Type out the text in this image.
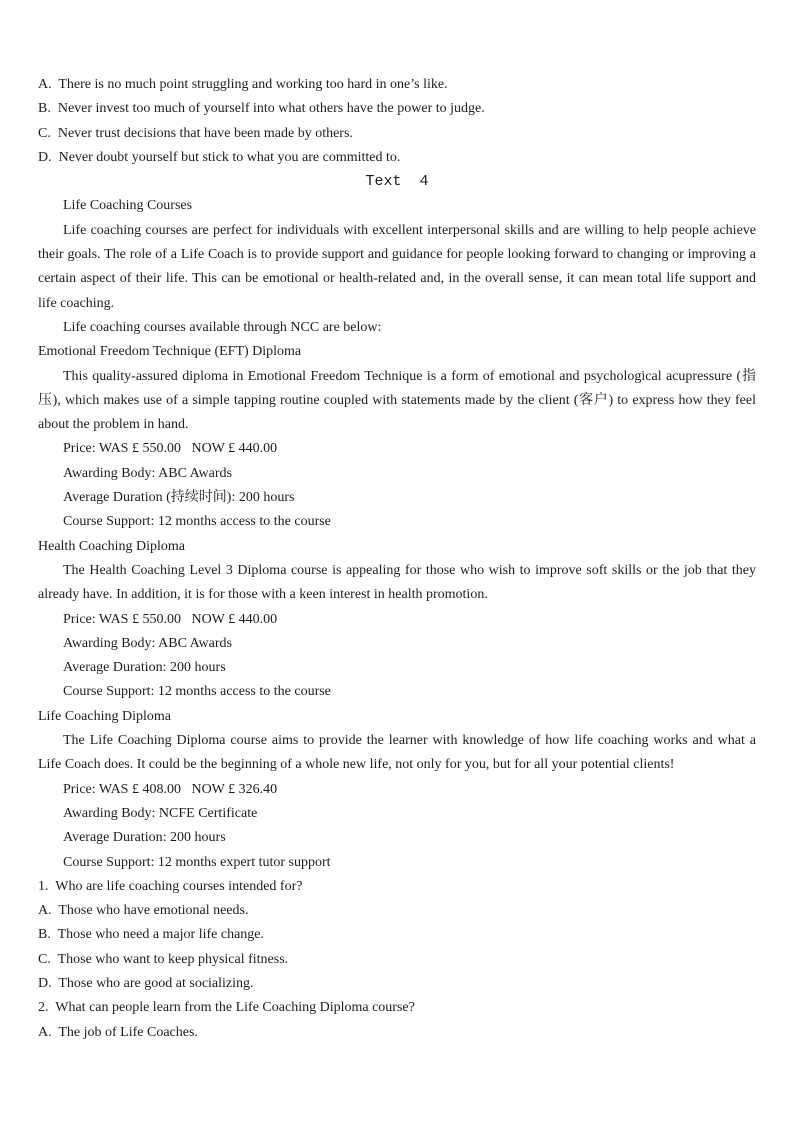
A.  There is no much point struggling and working too hard in one’s like.
B.  Never invest too much of yourself into what others have the power to judge.
C.  Never trust decisions that have been made by others.
D.  Never doubt yourself but stick to what you are committed to.
Text  4
Life Coaching Courses
Life coaching courses are perfect for individuals with excellent interpersonal skills and are willing to help people achieve
their goals. The role of a Life Coach is to provide support and guidance for people looking forward to changing or improving a
certain aspect of their life. This can be emotional or health-related and, in the overall sense, it can mean total life support and
life coaching.
Life coaching courses available through NCC are below:
Emotional Freedom Technique (EFT) Diploma
This quality-assured diploma in Emotional Freedom Technique is a form of emotional and psychological acupressure (指
压), which makes use of a simple tapping routine coupled with statements made by the client (客户) to express how they feel
about the problem in hand.
Price: WAS £ 550.00   NOW £ 440.00
Awarding Body: ABC Awards
Average Duration (持续时间): 200 hours
Course Support: 12 months access to the course
Health Coaching Diploma
The Health Coaching Level 3 Diploma course is appealing for those who wish to improve soft skills or the job that they
already have. In addition, it is for those with a keen interest in health promotion.
Price: WAS £ 550.00   NOW £ 440.00
Awarding Body: ABC Awards
Average Duration: 200 hours
Course Support: 12 months access to the course
Life Coaching Diploma
The Life Coaching Diploma course aims to provide the learner with knowledge of how life coaching works and what a
Life Coach does. It could be the beginning of a whole new life, not only for you, but for all your potential clients!
Price: WAS £ 408.00   NOW £ 326.40
Awarding Body: NCFE Certificate
Average Duration: 200 hours
Course Support: 12 months expert tutor support
1.  Who are life coaching courses intended for?
A.  Those who have emotional needs.
B.  Those who need a major life change.
C.  Those who want to keep physical fitness.
D.  Those who are good at socializing.
2.  What can people learn from the Life Coaching Diploma course?
A.  The job of Life Coaches.
